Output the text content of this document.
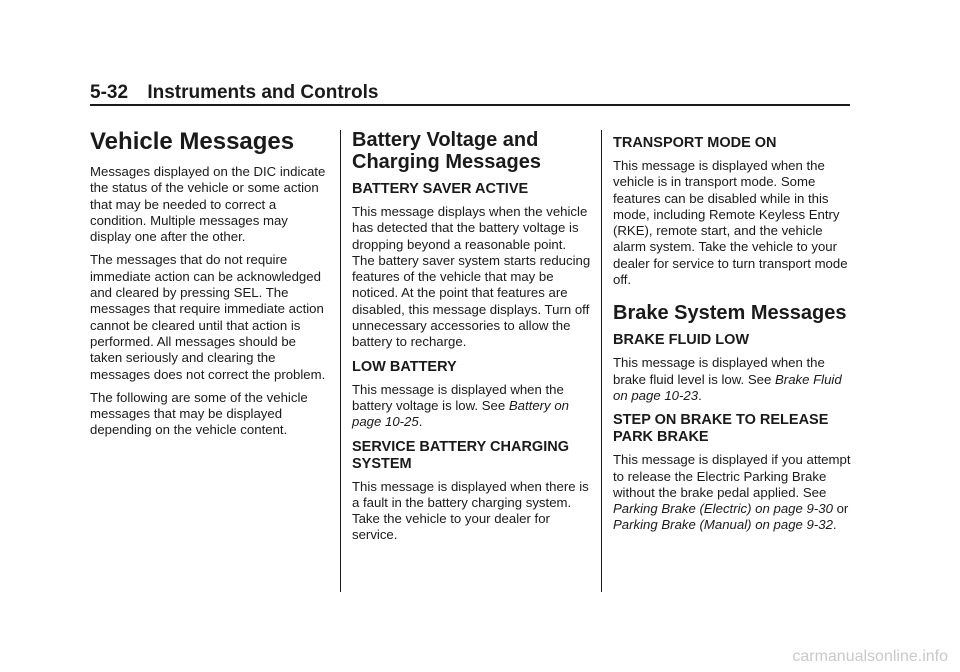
5-32 Instruments and Controls
Vehicle Messages

Messages displayed on the DIC indicate the status of the vehicle or some action that may be needed to correct a condition. Multiple messages may display one after the other.

The messages that do not require immediate action can be acknowledged and cleared by pressing SEL. The messages that require immediate action cannot be cleared until that action is performed. All messages should be taken seriously and clearing the messages does not correct the problem.

The following are some of the vehicle messages that may be displayed depending on the vehicle content.

Battery Voltage and Charging Messages
BATTERY SAVER ACTIVE

This message displays when the vehicle has detected that the battery voltage is dropping beyond a reasonable point. The battery saver system starts reducing features of the vehicle that may be noticed. At the point that features are disabled, this message displays. Turn off unnecessary accessories to allow the battery to recharge.

LOW BATTERY

This message is displayed when the battery voltage is low. See Battery on page 10-25.

SERVICE BATTERY CHARGING SYSTEM

This message is displayed when there is a fault in the battery charging system. Take the vehicle to your dealer for service.

TRANSPORT MODE ON

This message is displayed when the vehicle is in transport mode. Some features can be disabled while in this mode, including Remote Keyless Entry (RKE), remote start, and the vehicle alarm system. Take the vehicle to your dealer for service to turn transport mode off.

Brake System Messages
BRAKE FLUID LOW

This message is displayed when the brake fluid level is low. See Brake Fluid on page 10-23.

STEP ON BRAKE TO RELEASE PARK BRAKE

This message is displayed if you attempt to release the Electric Parking Brake without the brake pedal applied. See Parking Brake (Electric) on page 9-30 or Parking Brake (Manual) on page 9-32.

carmanualsonline.info
